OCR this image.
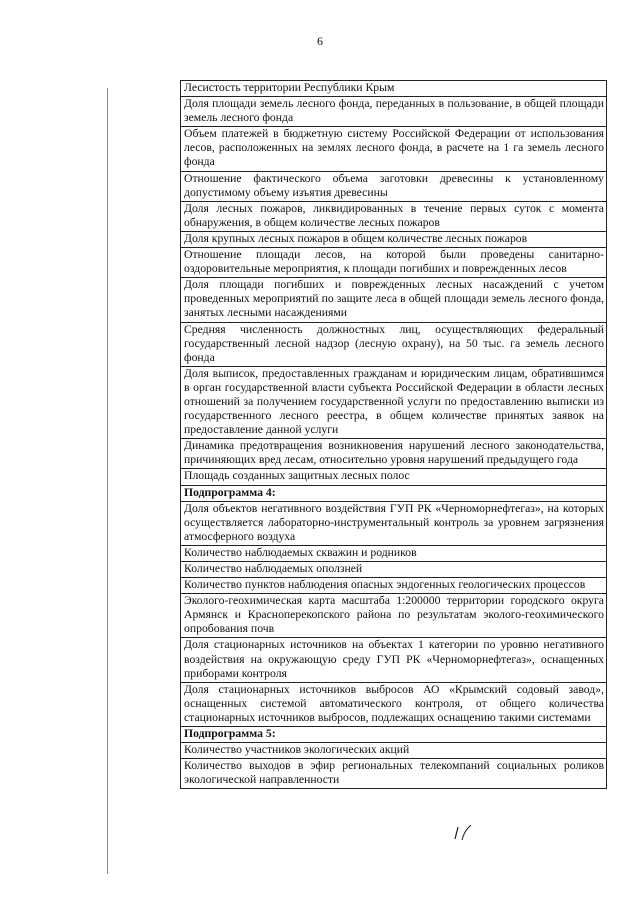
6
Лесистость территории Республики Крым
Доля площади земель лесного фонда, переданных в пользование, в общей площади земель лесного фонда
Объем платежей в бюджетную систему Российской Федерации от использования лесов, расположенных на землях лесного фонда, в расчете на 1 га земель лесного фонда
Отношение фактического объема заготовки древесины к установленному допустимому объему изъятия древесины
Доля лесных пожаров, ликвидированных в течение первых суток с момента обнаружения, в общем количестве лесных пожаров
Доля крупных лесных пожаров в общем количестве лесных пожаров
Отношение площади лесов, на которой были проведены санитарно-оздоровительные мероприятия, к площади погибших и поврежденных лесов
Доля площади погибших и поврежденных лесных насаждений с учетом проведенных мероприятий по защите леса в общей площади земель лесного фонда, занятых лесными насаждениями
Средняя численность должностных лиц, осуществляющих федеральный государственный лесной надзор (лесную охрану), на 50 тыс. га земель лесного фонда
Доля выписок, предоставленных гражданам и юридическим лицам, обратившимся в орган государственной власти субъекта Российской Федерации в области лесных отношений за получением государственной услуги по предоставлению выписки из государственного лесного реестра, в общем количестве принятых заявок на предоставление данной услуги
Динамика предотвращения возникновения нарушений лесного законодательства, причиняющих вред лесам, относительно уровня нарушений предыдущего года
Площадь созданных защитных лесных полос
Подпрограмма 4:
Доля объектов негативного воздействия ГУП РК «Черноморнефтегаз», на которых осуществляется лабораторно-инструментальный контроль за уровнем загрязнения атмосферного воздуха
Количество наблюдаемых скважин и родников
Количество наблюдаемых оползней
Количество пунктов наблюдения опасных эндогенных геологических процессов
Эколого-геохимическая карта масштаба 1:200000 территории городского округа Армянск и Красноперекопского района по результатам эколого-геохимического опробования почв
Доля стационарных источников на объектах 1 категории по уровню негативного воздействия на окружающую среду ГУП РК «Черноморнефтегаз», оснащенных приборами контроля
Доля стационарных источников выбросов АО «Крымский содовый завод», оснащенных системой автоматического контроля, от общего количества стационарных источников выбросов, подлежащих оснащению такими системами
Подпрограмма 5:
Количество участников экологических акций
Количество выходов в эфир региональных телекомпаний социальных роликов экологической направленности
